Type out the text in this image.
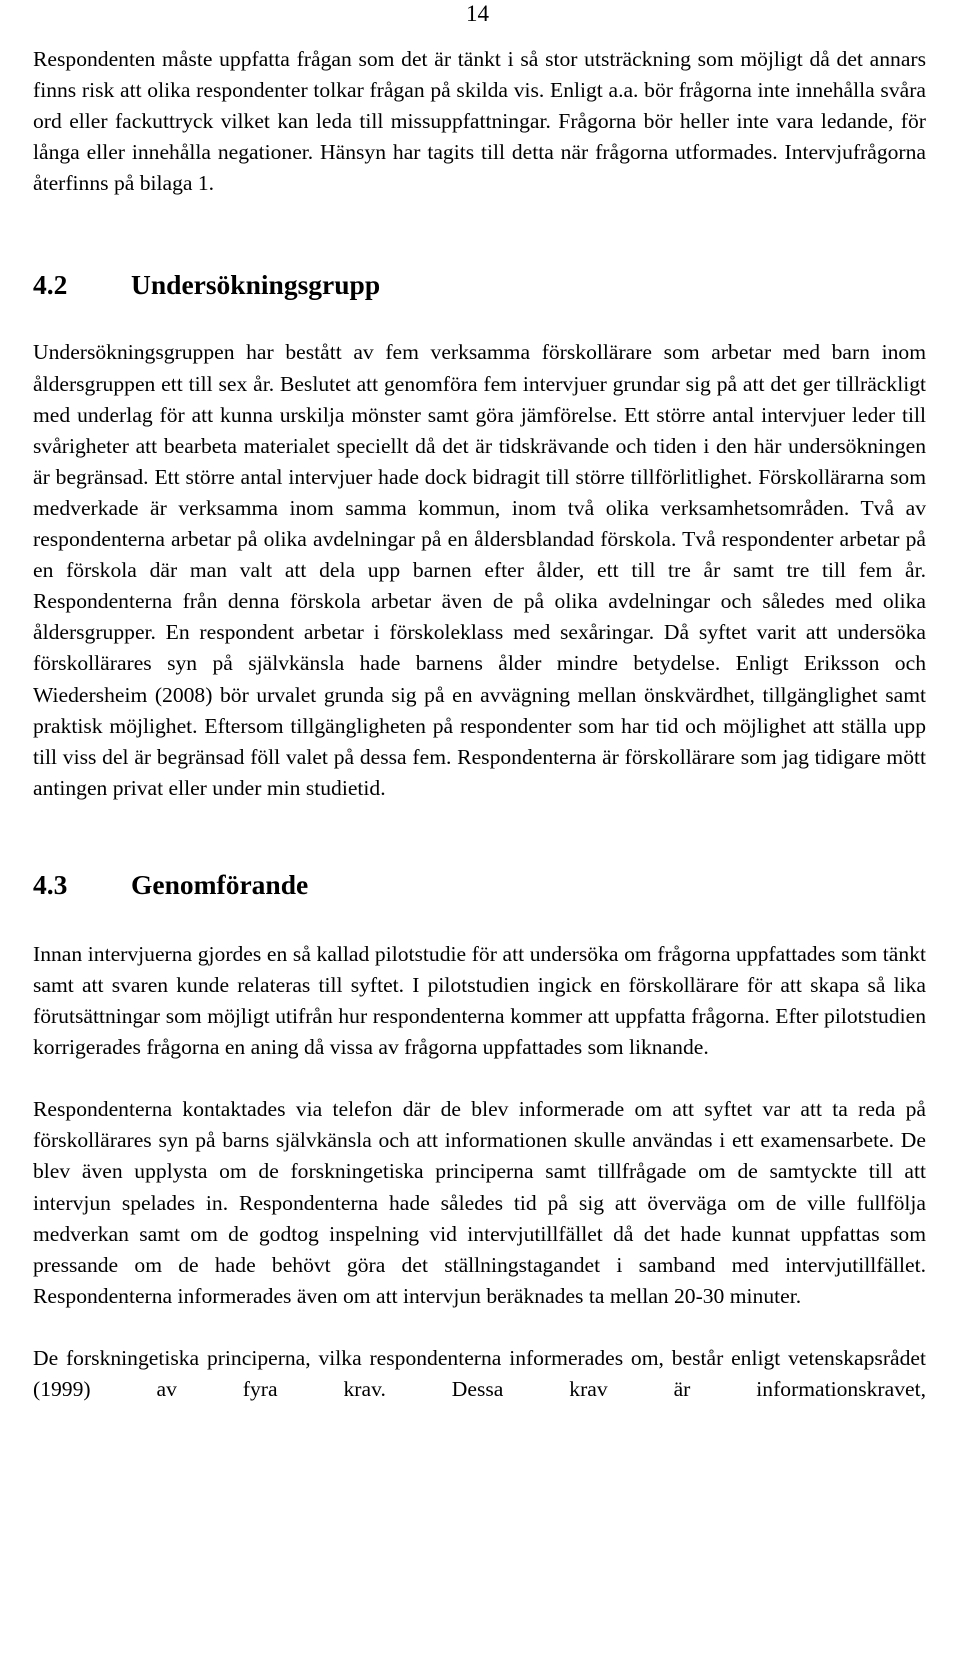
14

Respondenten måste uppfatta frågan som det är tänkt i så stor utsträckning som möjligt då det annars finns risk att olika respondenter tolkar frågan på skilda vis. Enligt a.a. bör frågorna inte innehålla svåra ord eller fackuttryck vilket kan leda till missuppfattningar. Frågorna bör heller inte vara ledande, för långa eller innehålla negationer. Hänsyn har tagits till detta när frågorna utformades. Intervjufrågorna återfinns på bilaga 1.

4.2	Undersökningsgrupp

Undersökningsgruppen har bestått av fem verksamma förskollärare som arbetar med barn inom åldersgruppen ett till sex år. Beslutet att genomföra fem intervjuer grundar sig på att det ger tillräckligt med underlag för att kunna urskilja mönster samt göra jämförelse. Ett större antal intervjuer leder till svårigheter att bearbeta materialet speciellt då det är tidskrävande och tiden i den här undersökningen är begränsad. Ett större antal intervjuer hade dock bidragit till större tillförlitlighet. Förskollärarna som medverkade är verksamma inom samma kommun, inom två olika verksamhetsområden. Två av respondenterna arbetar på olika avdelningar på en åldersblandad förskola. Två respondenter arbetar på en förskola där man valt att dela upp barnen efter ålder, ett till tre år samt tre till fem år. Respondenterna från denna förskola arbetar även de på olika avdelningar och således med olika åldersgrupper. En respondent arbetar i förskoleklass med sexåringar. Då syftet varit att undersöka förskollärares syn på självkänsla hade barnens ålder mindre betydelse. Enligt Eriksson och Wiedersheim (2008) bör urvalet grunda sig på en avvägning mellan önskvärdhet, tillgänglighet samt praktisk möjlighet. Eftersom tillgängligheten på respondenter som har tid och möjlighet att ställa upp till viss del är begränsad föll valet på dessa fem. Respondenterna är förskollärare som jag tidigare mött antingen privat eller under min studietid.

4.3	Genomförande

Innan intervjuerna gjordes en så kallad pilotstudie för att undersöka om frågorna uppfattades som tänkt samt att svaren kunde relateras till syftet. I pilotstudien ingick en förskollärare för att skapa så lika förutsättningar som möjligt utifrån hur respondenterna kommer att uppfatta frågorna. Efter pilotstudien korrigerades frågorna en aning då vissa av frågorna uppfattades som liknande.

Respondenterna kontaktades via telefon där de blev informerade om att syftet var att ta reda på förskollärares syn på barns självkänsla och att informationen skulle användas i ett examensarbete. De blev även upplysta om de forskningetiska principerna samt tillfrågade om de samtyckte till att intervjun spelades in. Respondenterna hade således tid på sig att överväga om de ville fullfölja medverkan samt om de godtog inspelning vid intervjutillfället då det hade kunnat uppfattas som pressande om de hade behövt göra det ställningstagandet i samband med intervjutillfället. Respondenterna informerades även om att intervjun beräknades ta mellan 20-30 minuter.

De forskningetiska principerna, vilka respondenterna informerades om, består enligt vetenskapsrådet (1999) av fyra krav. Dessa krav är informationskravet,
